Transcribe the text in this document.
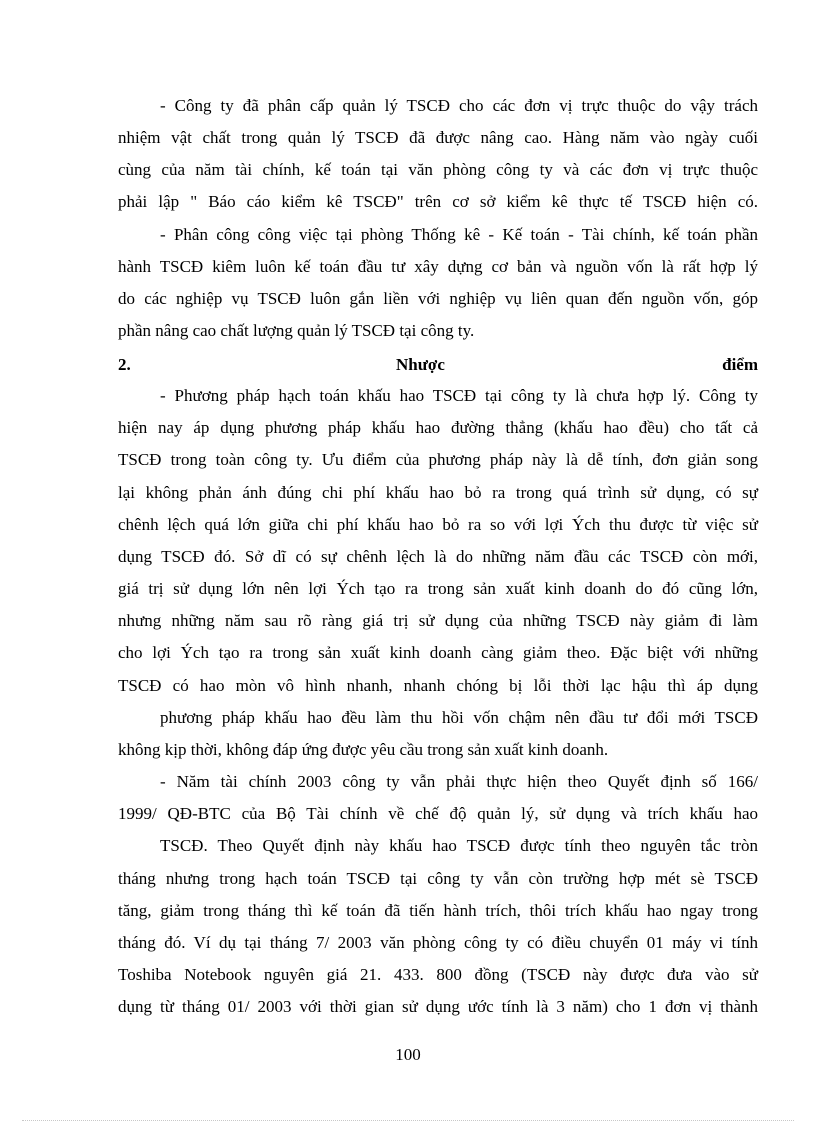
- Công ty đã phân cấp quản lý TSCĐ cho các đơn vị trực thuộc do vậy trách
nhiệm vật chất trong quản lý TSCĐ đã được nâng cao. Hàng năm vào ngày cuối
cùng của năm tài chính, kế toán tại văn phòng công ty và các đơn vị trực thuộc
phải lập " Báo cáo kiểm kê TSCĐ" trên cơ sở kiểm kê thực tế TSCĐ hiện có.
- Phân công công việc tại phòng Thống kê - Kế toán - Tài chính, kế toán phần
hành TSCĐ kiêm luôn kế toán đầu tư xây dựng cơ bản và nguồn vốn là rất hợp lý
do các nghiệp vụ TSCĐ luôn gắn liền với nghiệp vụ liên quan đến nguồn vốn, góp
phần nâng cao chất lượng quản lý TSCĐ tại công ty.
2.	Nhược	điểm
- Phương pháp hạch toán khấu hao TSCĐ tại công ty là chưa hợp lý. Công ty
hiện nay áp dụng phương pháp khấu hao đường thẳng (khấu hao đều) cho tất cả
TSCĐ trong toàn công ty. Ưu điểm của phương pháp này là dễ tính, đơn giản song
lại không phản ánh đúng chi phí khấu hao bỏ ra trong quá trình sử dụng, có sự
chênh lệch quá lớn giữa chi phí khấu hao bỏ ra so với lợi Ých thu được từ việc sử
dụng TSCĐ đó. Sở dĩ có sự chênh lệch là do những năm đầu các TSCĐ còn mới,
giá trị sử dụng lớn nên lợi Ých tạo ra trong sản xuất kinh doanh do đó cũng lớn,
nhưng những năm sau rõ ràng giá trị sử dụng của những TSCĐ này giảm đi làm
cho lợi Ých tạo ra trong sản xuất kinh doanh càng giảm theo. Đặc biệt với những
TSCĐ có hao mòn vô hình nhanh, nhanh chóng bị lỗi thời lạc hậu thì áp dụng
phương pháp khấu hao đều làm thu hồi vốn chậm nên đầu tư đổi mới TSCĐ
không kịp thời, không đáp ứng được yêu cầu trong sản xuất kinh doanh.
- Năm tài chính 2003 công ty vẫn phải thực hiện theo Quyết định số 166/
1999/ QĐ-BTC của Bộ Tài chính về chế độ quản lý, sử dụng và trích khấu hao
TSCĐ. Theo Quyết định này khấu hao TSCĐ được tính theo nguyên tắc tròn
tháng nhưng trong hạch toán TSCĐ tại công ty vẫn còn trường hợp mét sè TSCĐ
tăng, giảm trong tháng thì kế toán đã tiến hành trích, thôi trích khấu hao ngay trong
tháng đó. Ví dụ tại tháng 7/ 2003 văn phòng công ty có điều chuyển 01 máy vi tính
Toshiba Notebook nguyên giá 21. 433. 800 đồng (TSCĐ này được đưa vào sử
dụng từ tháng 01/ 2003 với thời gian sử dụng ước tính là 3 năm) cho 1 đơn vị thành
100
